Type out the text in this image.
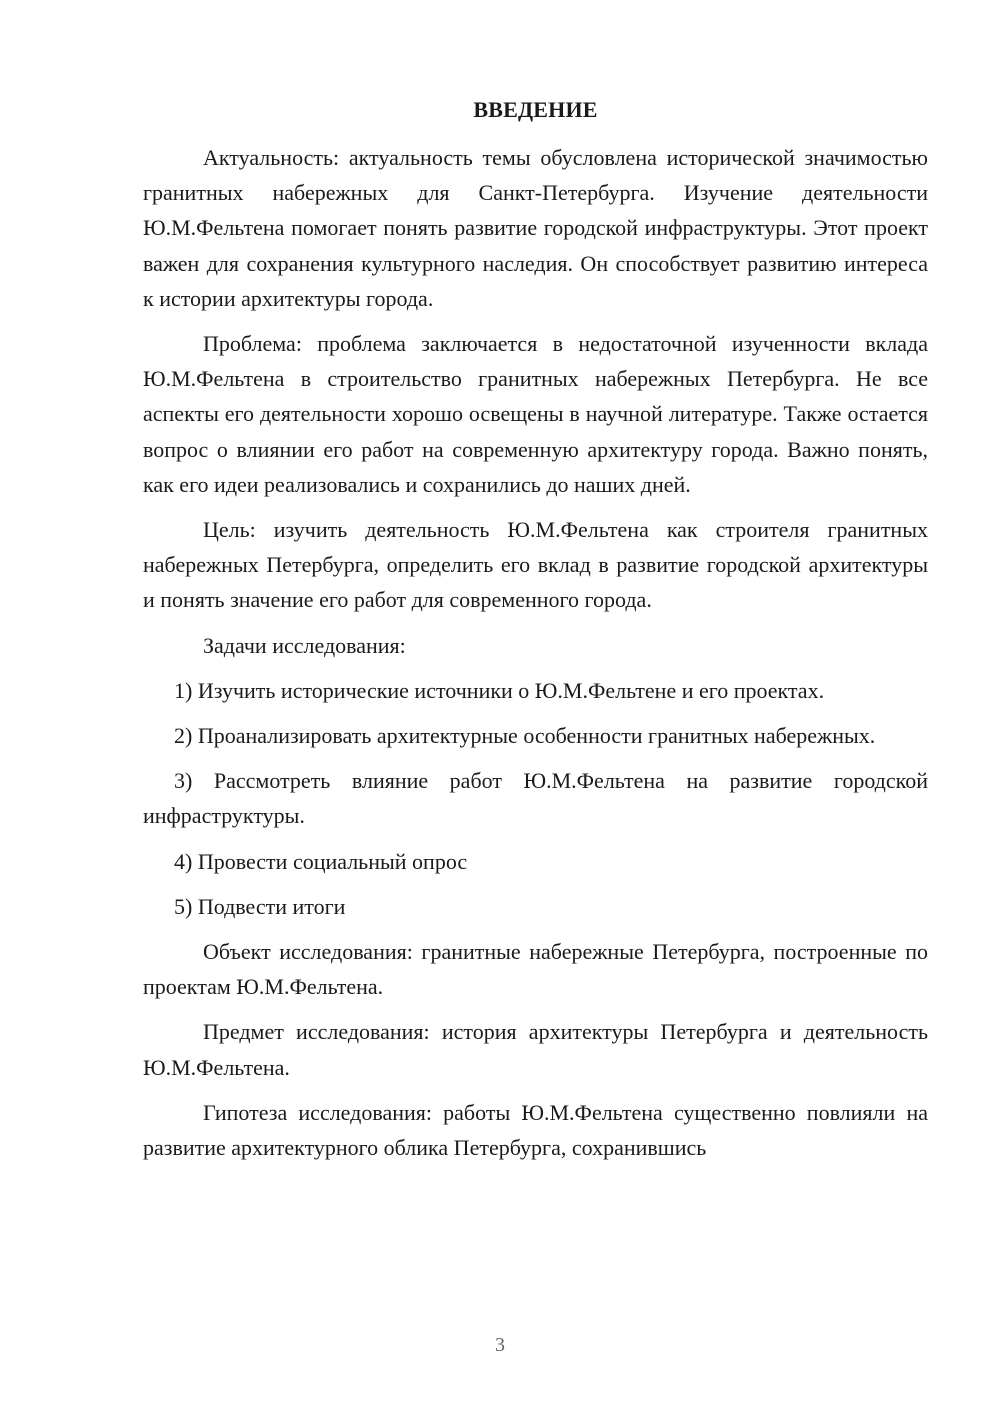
ВВЕДЕНИЕ

Актуальность: актуальность темы обусловлена исторической значимостью гранитных набережных для Санкт-Петербурга. Изучение деятельности Ю.М.Фельтена помогает понять развитие городской инфраструктуры. Этот проект важен для сохранения культурного наследия. Он способствует развитию интереса к истории архитектуры города.

Проблема: проблема заключается в недостаточной изученности вклада Ю.М.Фельтена в строительство гранитных набережных Петербурга. Не все аспекты его деятельности хорошо освещены в научной литературе. Также остается вопрос о влиянии его работ на современную архитектуру города. Важно понять, как его идеи реализовались и сохранились до наших дней.

Цель: изучить деятельность Ю.М.Фельтена как строителя гранитных набережных Петербурга, определить его вклад в развитие городской архитектуры и понять значение его работ для современного города.

Задачи исследования:

1) Изучить исторические источники о Ю.М.Фельтене и его проектах.

2) Проанализировать архитектурные особенности гранитных набережных.

3) Рассмотреть влияние работ Ю.М.Фельтена на развитие городской инфраструктуры.

4) Провести социальный опрос

5) Подвести итоги

Объект исследования: гранитные набережные Петербурга, построенные по проектам Ю.М.Фельтена.

Предмет исследования: история архитектуры Петербурга и деятельность Ю.М.Фельтена.

Гипотеза исследования: работы Ю.М.Фельтена существенно повлияли на развитие архитектурного облика Петербурга, сохранившись

3
